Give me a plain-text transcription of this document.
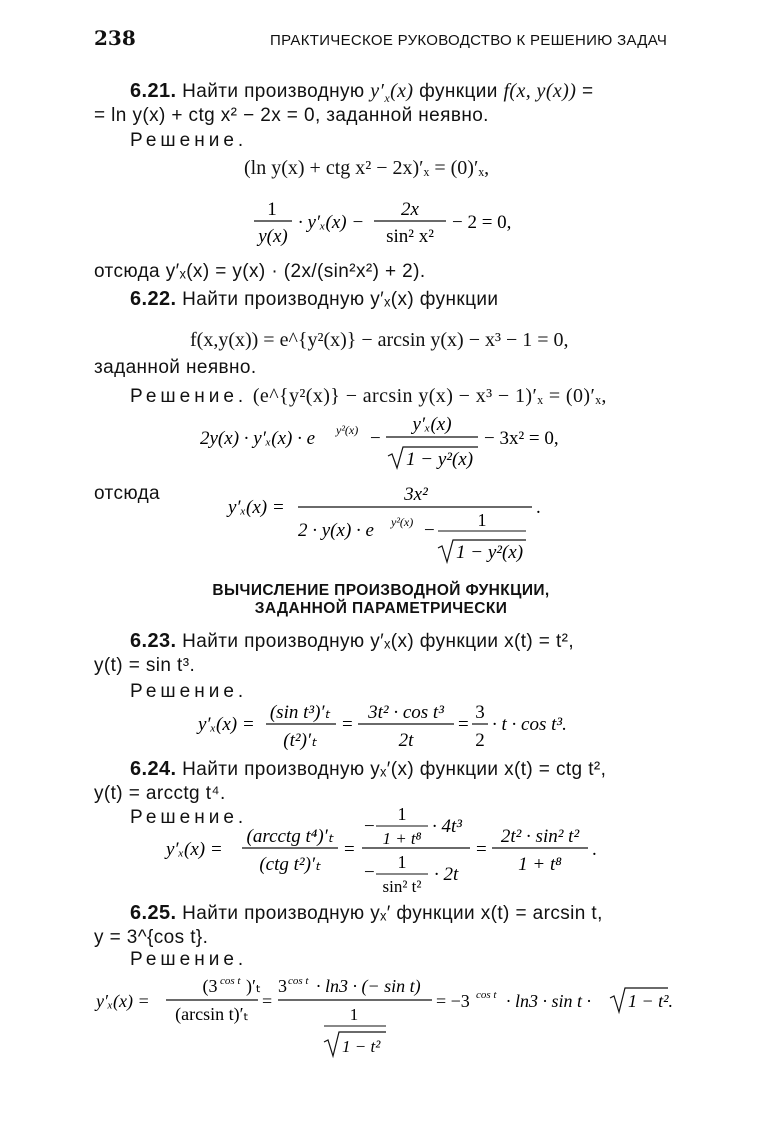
238	ПРАКТИЧЕСКОЕ РУКОВОДСТВО К РЕШЕНИЮ ЗАДАЧ
6.21. Найти производную $y'_x(x)$ функции f(x, y(x)) =
= ln y(x) + ctg x² − 2x = 0, заданной неявно.
Решение.
(ln y(x) + ctg x² − 2x)′ₓ = (0)′ₓ,
1
y(x)
· y′ₓ(x) −
2x
sin² x²
− 2 = 0,
отсюда y′ₓ(x) = y(x) · (2x/(sin²x²) + 2).
6.22. Найти производную y′ₓ(x) функции
f(x,y(x)) = e^{y²(x)} − arcsin y(x) − x³ − 1 = 0,
заданной неявно.
Решение. (e^{y²(x)} − arcsin y(x) − x³ − 1)′ₓ = (0)′ₓ,
2y(x) · y′ₓ(x) · e y²(x) −
y′ₓ(x)
1 − y²(x)
− 3x² = 0,
отсюда
y′ₓ(x) =
3x²
.
2 · y(x) · e y²(x) − 1
1 − y²(x)
ВЫЧИСЛЕНИЕ ПРОИЗВОДНОЙ ФУНКЦИИ,
ЗАДАННОЙ ПАРАМЕТРИЧЕСКИ
6.23. Найти производную y′ₓ(x) функции x(t) = t²,
y(t) = sin t³.
Решение.
y′ₓ(x) =
(sin t³)′ₜ
(t²)′ₜ
=
3t² · cos t³
2t
=
3
2
· t · cos t³.
6.24. Найти производную yₓ′(x) функции x(t) = ctg t²,
y(t) = arcctg t⁴.
Решение.
y′ₓ(x) =
(arcctg t⁴)′ₜ
(ctg t²)′ₜ
=
−
1
1 + t⁸
· 4t³
− 1
sin² t²
· 2t
=
2t² · sin² t²
1 + t⁸
.
6.25. Найти производную yₓ′ функции x(t) = arcsin t,
y = 3^{cos t}.
Решение.
y′ₓ(x) =
(3 cos t )′ₜ
(arcsin t)′ₜ
=
3 cos t · ln3 · (− sin t)
1
1 − t²
= −3 cos t · ln3 · sin t · 1 − t².
